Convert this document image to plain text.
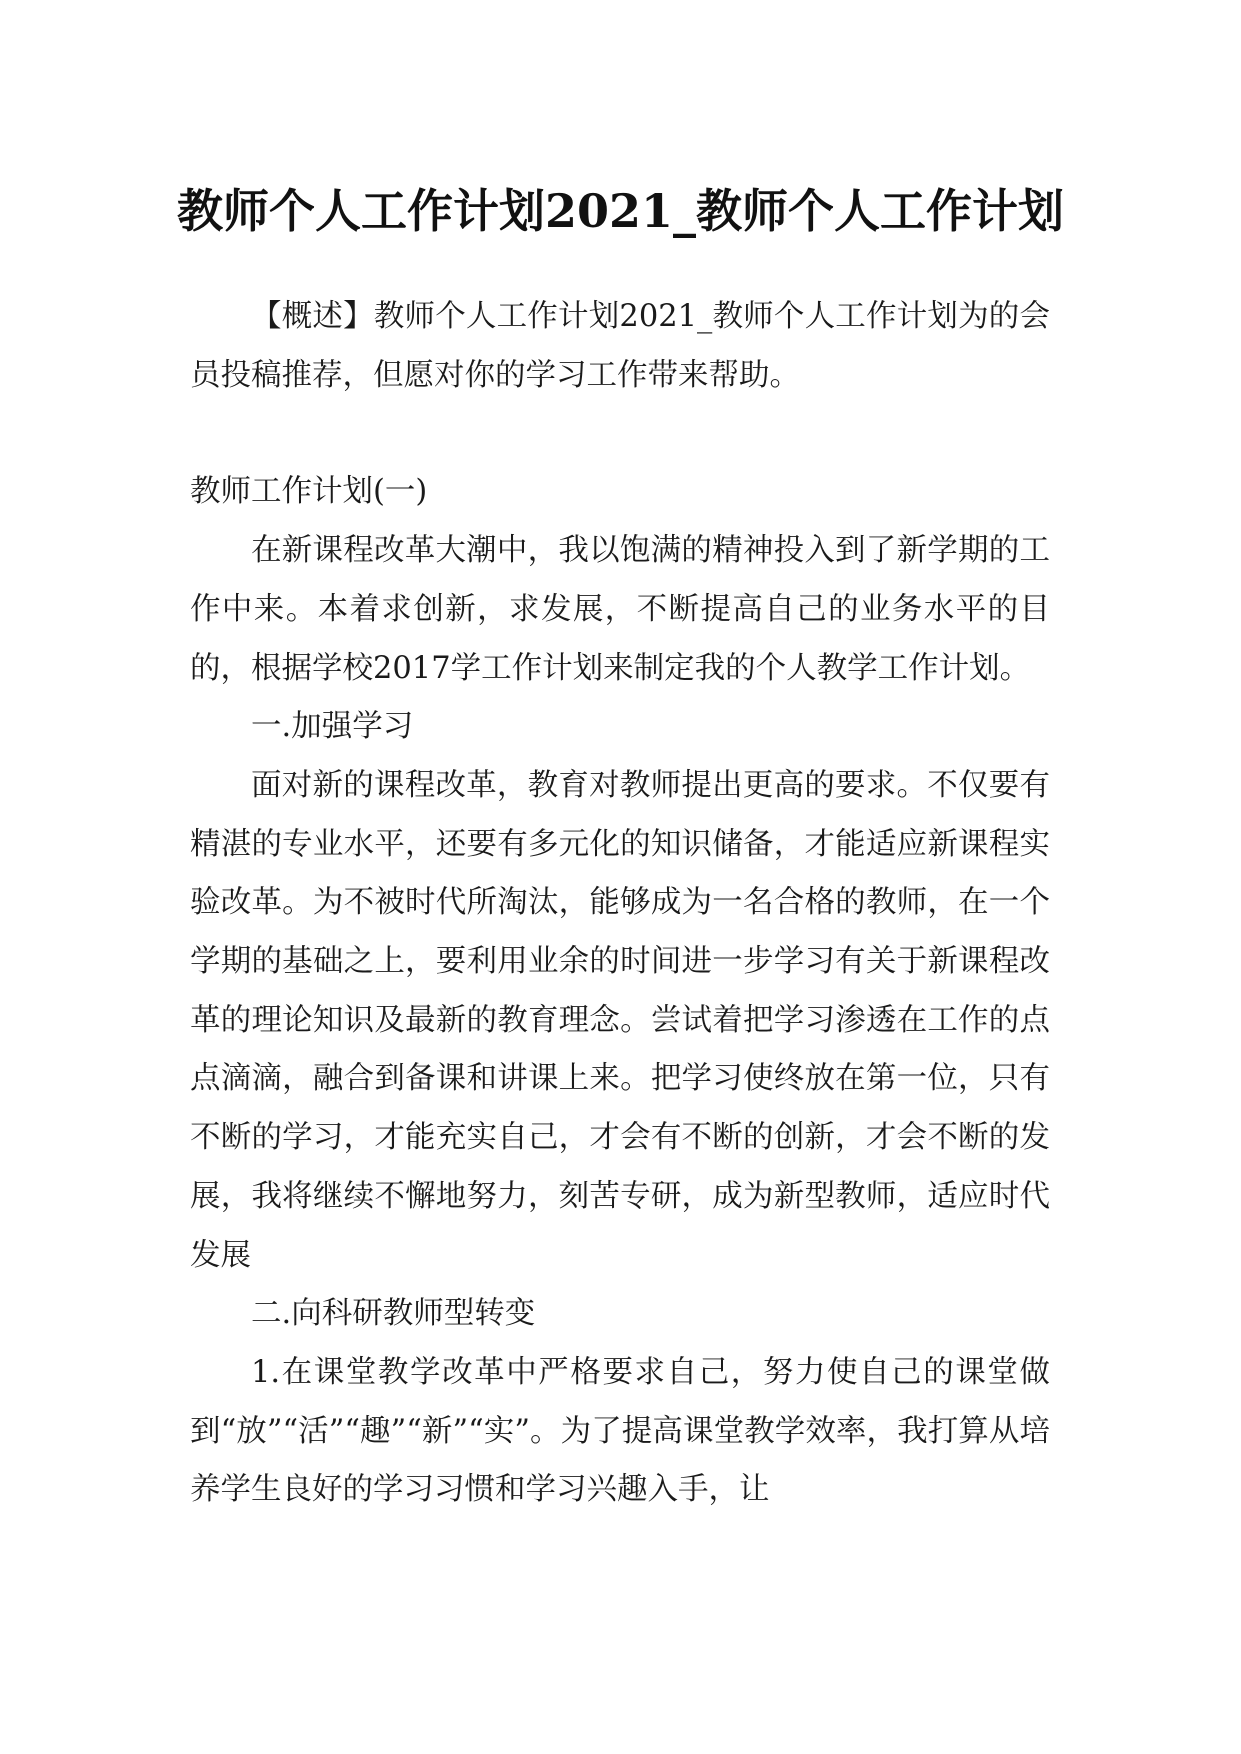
教师个人工作计划2021_教师个人工作计划

【概述】教师个人工作计划2021_教师个人工作计划为的会员投稿推荐，但愿对你的学习工作带来帮助。

教师工作计划(一)

在新课程改革大潮中，我以饱满的精神投入到了新学期的工作中来。本着求创新，求发展，不断提高自己的业务水平的目的，根据学校2017学工作计划来制定我的个人教学工作计划。

一.加强学习

面对新的课程改革，教育对教师提出更高的要求。不仅要有精湛的专业水平，还要有多元化的知识储备，才能适应新课程实验改革。为不被时代所淘汰，能够成为一名合格的教师，在一个学期的基础之上，要利用业余的时间进一步学习有关于新课程改革的理论知识及最新的教育理念。尝试着把学习渗透在工作的点点滴滴，融合到备课和讲课上来。把学习使终放在第一位，只有不断的学习，才能充实自己，才会有不断的创新，才会不断的发展，我将继续不懈地努力，刻苦专研，成为新型教师，适应时代发展

二.向科研教师型转变

1.在课堂教学改革中严格要求自己，努力使自己的课堂做到“放”“活”“趣”“新”“实”。为了提高课堂教学效率，我打算从培养学生良好的学习习惯和学习兴趣入手，让
